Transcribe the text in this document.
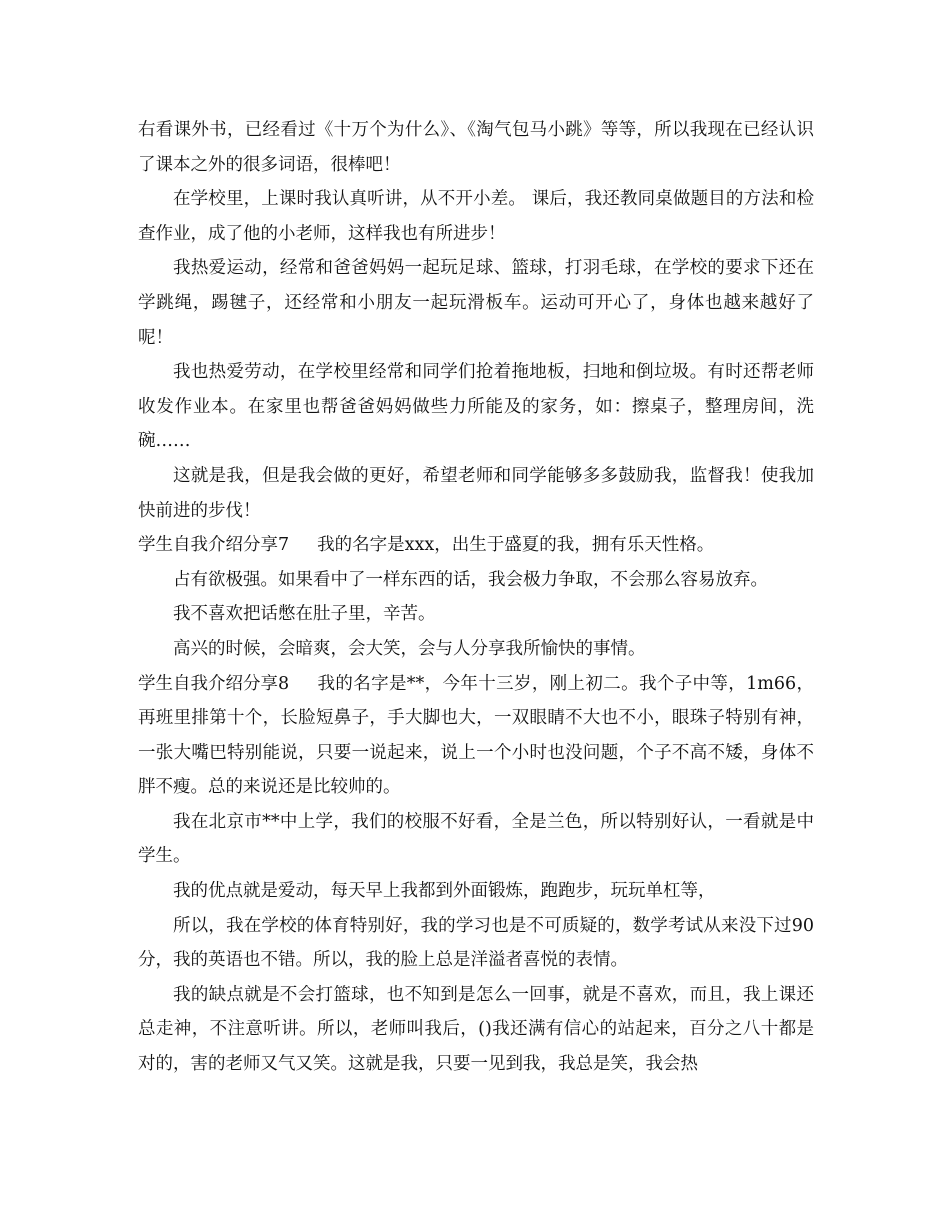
右看课外书，已经看过《十万个为什么》、《淘气包马小跳》等等，所以我现在已经认识了课本之外的很多词语，很棒吧！

在学校里，上课时我认真听讲，从不开小差。 课后，我还教同桌做题目的方法和检查作业，成了他的小老师，这样我也有所进步！

我热爱运动，经常和爸爸妈妈一起玩足球、篮球，打羽毛球，在学校的要求下还在学跳绳，踢毽子，还经常和小朋友一起玩滑板车。运动可开心了，身体也越来越好了呢！

我也热爱劳动，在学校里经常和同学们抢着拖地板，扫地和倒垃圾。有时还帮老师收发作业本。在家里也帮爸爸妈妈做些力所能及的家务，如：擦桌子，整理房间，洗碗……

这就是我，但是我会做的更好，希望老师和同学能够多多鼓励我，监督我！使我加快前进的步伐！

学生自我介绍分享7 我的名字是xxx，出生于盛夏的我，拥有乐天性格。

占有欲极强。如果看中了一样东西的话，我会极力争取，不会那么容易放弃。

我不喜欢把话憋在肚子里，辛苦。

高兴的时候，会暗爽，会大笑，会与人分享我所愉快的事情。

学生自我介绍分享8 我的名字是**，今年十三岁，刚上初二。我个子中等，1m66，再班里排第十个，长脸短鼻子，手大脚也大，一双眼睛不大也不小，眼珠子特别有神，一张大嘴巴特别能说，只要一说起来，说上一个小时也没问题，个子不高不矮，身体不胖不瘦。总的来说还是比较帅的。

我在北京市**中上学，我们的校服不好看，全是兰色，所以特别好认，一看就是中学生。

我的优点就是爱动，每天早上我都到外面锻炼，跑跑步，玩玩单杠等，

所以，我在学校的体育特别好，我的学习也是不可质疑的，数学考试从来没下过90分，我的英语也不错。所以，我的脸上总是洋溢者喜悦的表情。

我的缺点就是不会打篮球，也不知到是怎么一回事，就是不喜欢，而且，我上课还总走神，不注意听讲。所以，老师叫我后，()我还满有信心的站起来，百分之八十都是对的，害的老师又气又笑。这就是我，只要一见到我，我总是笑，我会热
